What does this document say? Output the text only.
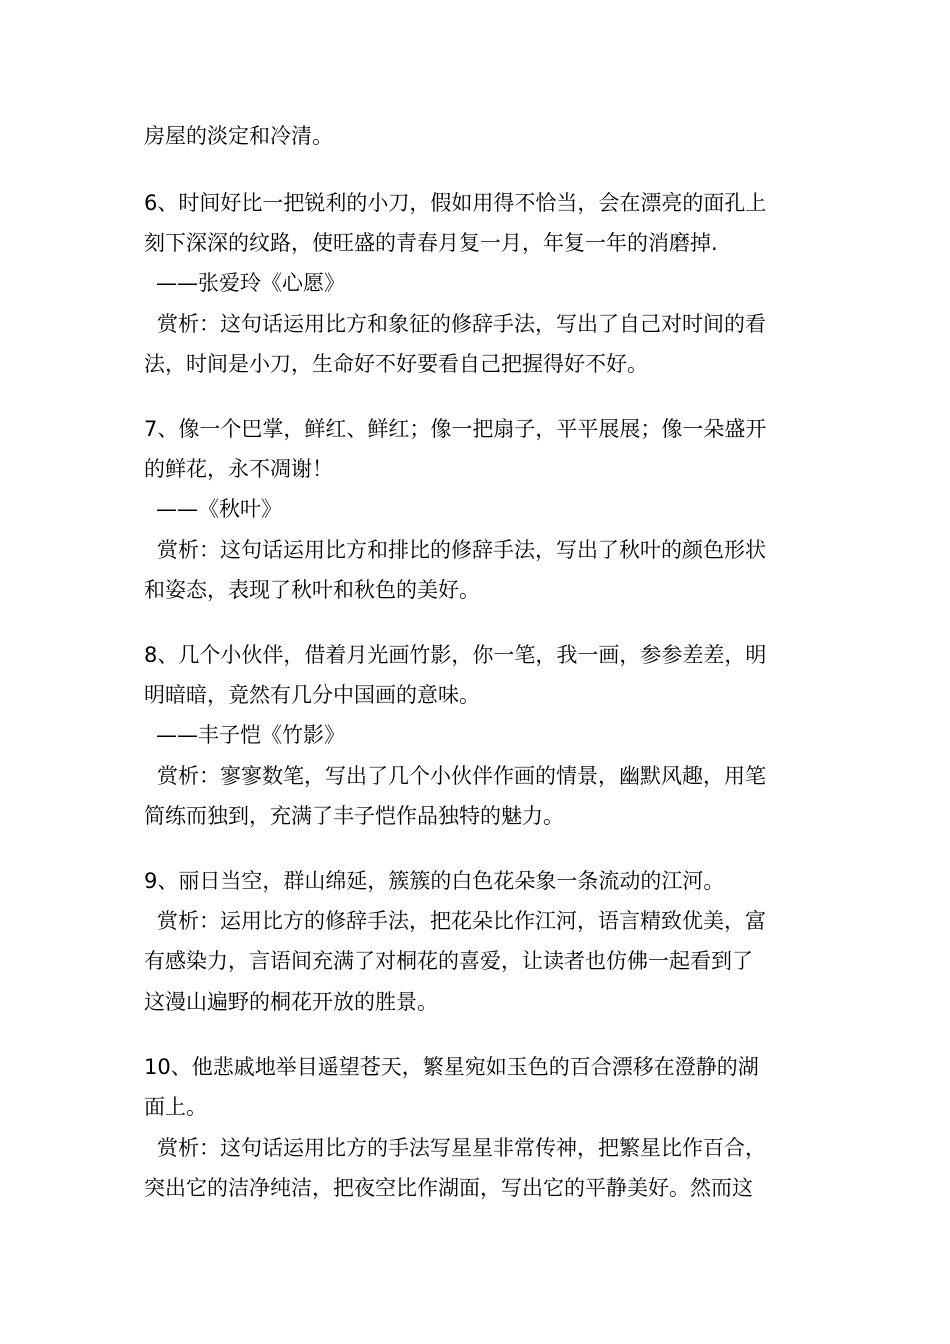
房屋的淡定和冷清。
6、时间好比一把锐利的小刀，假如用得不恰当，会在漂亮的面孔上
刻下深深的纹路，使旺盛的青春月复一月，年复一年的消磨掉.
——张爱玲《心愿》
赏析：这句话运用比方和象征的修辞手法，写出了自己对时间的看
法，时间是小刀，生命好不好要看自己把握得好不好。
7、像一个巴掌，鲜红、鲜红；像一把扇子，平平展展；像一朵盛开
的鲜花，永不凋谢！
——《秋叶》
赏析：这句话运用比方和排比的修辞手法，写出了秋叶的颜色形状
和姿态，表现了秋叶和秋色的美好。
8、几个小伙伴，借着月光画竹影，你一笔，我一画，参参差差，明
明暗暗，竟然有几分中国画的意味。
——丰子恺《竹影》
赏析：寥寥数笔，写出了几个小伙伴作画的情景，幽默风趣，用笔
简练而独到，充满了丰子恺作品独特的魅力。
9、丽日当空，群山绵延，簇簇的白色花朵象一条流动的江河。
赏析：运用比方的修辞手法，把花朵比作江河，语言精致优美，富
有感染力，言语间充满了对桐花的喜爱，让读者也仿佛一起看到了
这漫山遍野的桐花开放的胜景。
10、他悲戚地举目遥望苍天，繁星宛如玉色的百合漂移在澄静的湖
面上。
赏析：这句话运用比方的手法写星星非常传神，把繁星比作百合，
突出它的洁净纯洁，把夜空比作湖面，写出它的平静美好。然而这
